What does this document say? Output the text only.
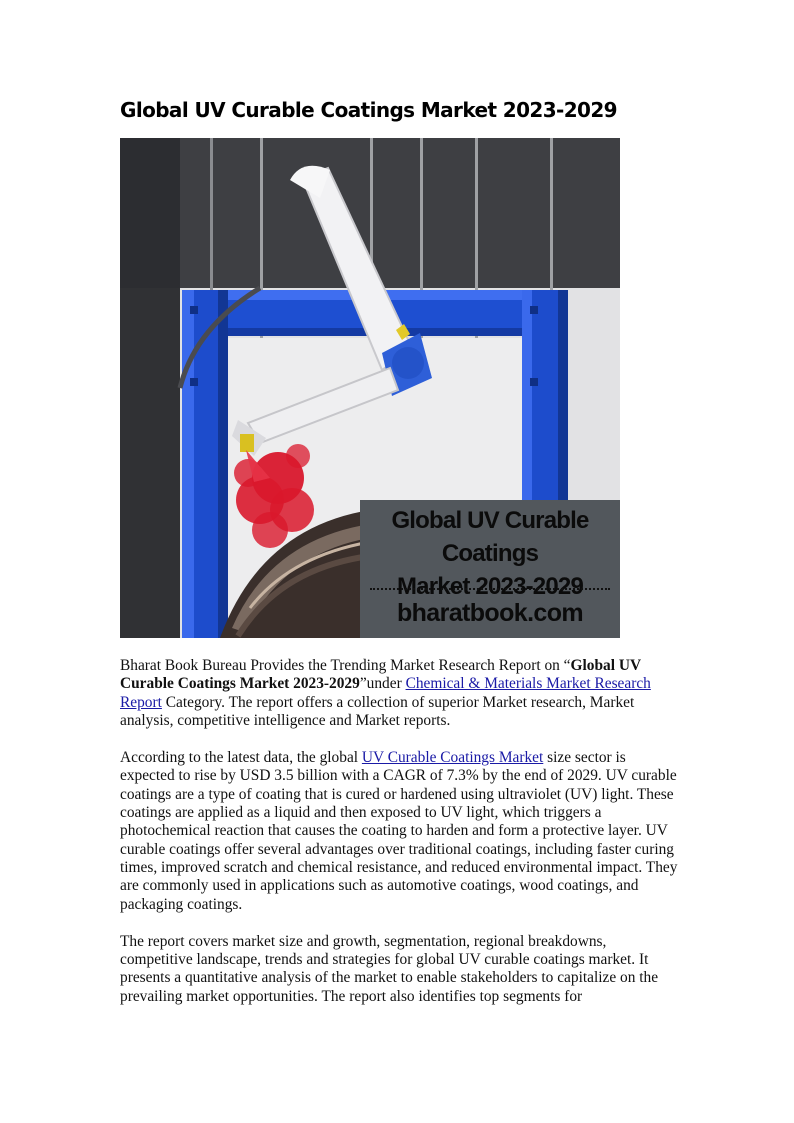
Global UV Curable Coatings Market 2023-2029
Global UV Curable Coatings
Market 2023-2029
bharatbook.com

Bharat Book Bureau Provides the Trending Market Research Report on “Global UV Curable Coatings Market 2023-2029”under Chemical & Materials Market Research Report Category. The report offers a collection of superior Market research, Market analysis, competitive intelligence and Market reports.

According to the latest data, the global UV Curable Coatings Market size sector is expected to rise by USD 3.5 billion with a CAGR of 7.3% by the end of 2029. UV curable coatings are a type of coating that is cured or hardened using ultraviolet (UV) light. These coatings are applied as a liquid and then exposed to UV light, which triggers a photochemical reaction that causes the coating to harden and form a protective layer. UV curable coatings offer several advantages over traditional coatings, including faster curing times, improved scratch and chemical resistance, and reduced environmental impact. They are commonly used in applications such as automotive coatings, wood coatings, and packaging coatings.

The report covers market size and growth, segmentation, regional breakdowns, competitive landscape, trends and strategies for global UV curable coatings market. It presents a quantitative analysis of the market to enable stakeholders to capitalize on the prevailing market opportunities. The report also identifies top segments for
